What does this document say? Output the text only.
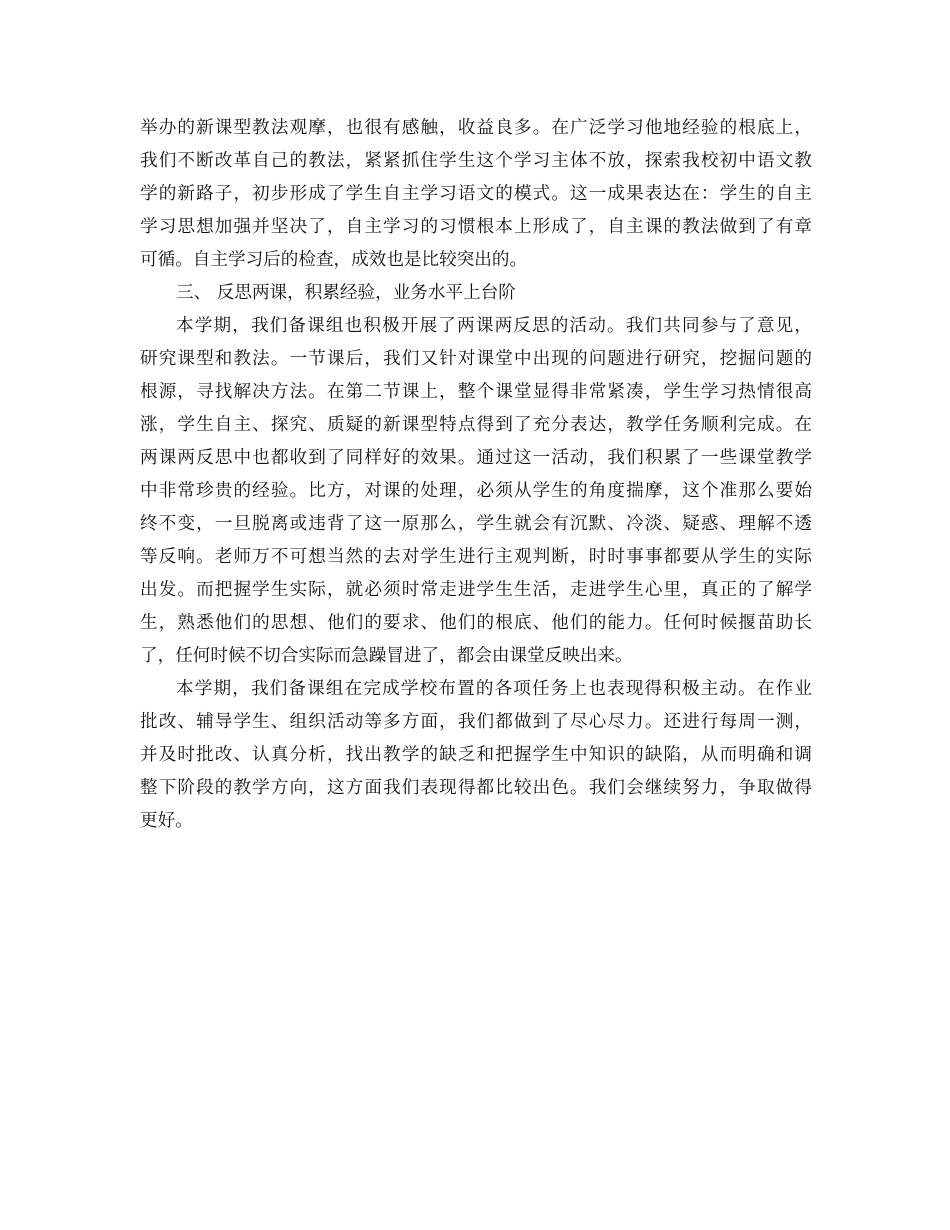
举办的新课型教法观摩，也很有感触，收益良多。在广泛学习他地经验的根底上，
我们不断改革自己的教法，紧紧抓住学生这个学习主体不放，探索我校初中语文教
学的新路子，初步形成了学生自主学习语文的模式。这一成果表达在：学生的自主
学习思想加强并坚决了，自主学习的习惯根本上形成了，自主课的教法做到了有章
可循。自主学习后的检查，成效也是比较突出的。
三、 反思两课，积累经验，业务水平上台阶
本学期，我们备课组也积极开展了两课两反思的活动。我们共同参与了意见，
研究课型和教法。一节课后，我们又针对课堂中出现的问题进行研究，挖掘问题的
根源，寻找解决方法。在第二节课上，整个课堂显得非常紧凑，学生学习热情很高
涨，学生自主、探究、质疑的新课型特点得到了充分表达，教学任务顺利完成。在
两课两反思中也都收到了同样好的效果。通过这一活动，我们积累了一些课堂教学
中非常珍贵的经验。比方，对课的处理，必须从学生的角度揣摩，这个准那么要始
终不变，一旦脱离或违背了这一原那么，学生就会有沉默、冷淡、疑惑、理解不透
等反响。老师万不可想当然的去对学生进行主观判断，时时事事都要从学生的实际
出发。而把握学生实际，就必须时常走进学生生活，走进学生心里，真正的了解学
生，熟悉他们的思想、他们的要求、他们的根底、他们的能力。任何时候揠苗助长
了，任何时候不切合实际而急躁冒进了，都会由课堂反映出来。
本学期，我们备课组在完成学校布置的各项任务上也表现得积极主动。在作业
批改、辅导学生、组织活动等多方面，我们都做到了尽心尽力。还进行每周一测，
并及时批改、认真分析，找出教学的缺乏和把握学生中知识的缺陷，从而明确和调
整下阶段的教学方向，这方面我们表现得都比较出色。我们会继续努力，争取做得
更好。
